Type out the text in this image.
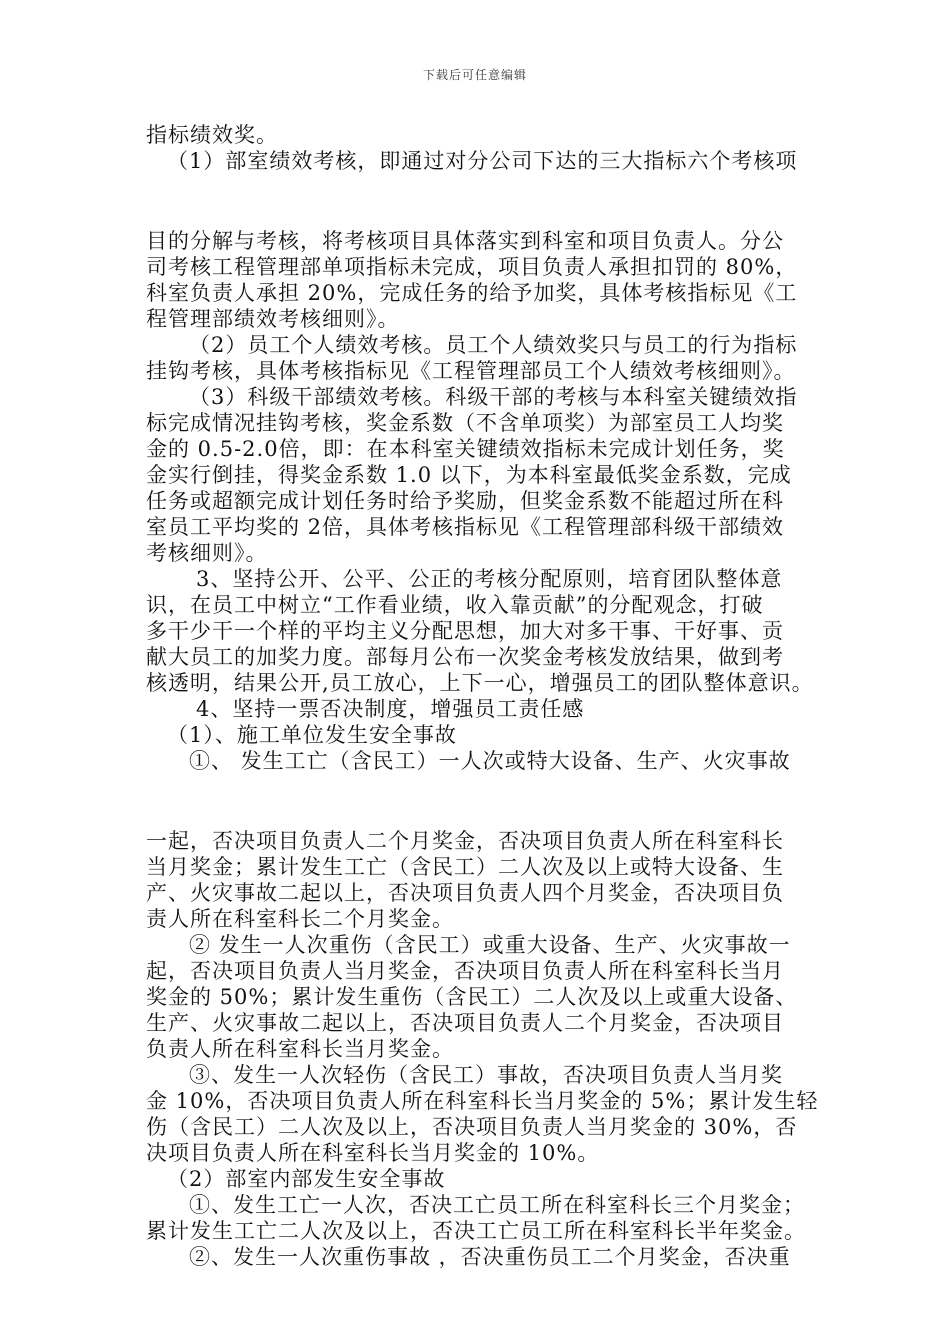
下载后可任意编辑
指标绩效奖。
（1）部室绩效考核，即通过对分公司下达的三大指标六个考核项
目的分解与考核，将考核项目具体落实到科室和项目负责人。分公
司考核工程管理部单项指标未完成，项目负责人承担扣罚的 80%，
科室负责人承担 20%，完成任务的给予加奖，具体考核指标见《工
程管理部绩效考核细则》。
（2）员工个人绩效考核。员工个人绩效奖只与员工的行为指标
挂钩考核，具体考核指标见《工程管理部员工个人绩效考核细则》。
（3）科级干部绩效考核。科级干部的考核与本科室关键绩效指
标完成情况挂钩考核，奖金系数（不含单项奖）为部室员工人均奖
金的 0.5-2.0倍，即：在本科室关键绩效指标未完成计划任务，奖
金实行倒挂，得奖金系数 1.0 以下，为本科室最低奖金系数，完成
任务或超额完成计划任务时给予奖励，但奖金系数不能超过所在科
室员工平均奖的 2倍，具体考核指标见《工程管理部科级干部绩效
考核细则》。
3、坚持公开、公平、公正的考核分配原则，培育团队整体意
识，在员工中树立“工作看业绩，收入靠贡献”的分配观念，打破
多干少干一个样的平均主义分配思想，加大对多干事、干好事、贡
献大员工的加奖力度。部每月公布一次奖金考核发放结果，做到考
核透明，结果公开,员工放心，上下一心，增强员工的团队整体意识。
4、坚持一票否决制度，增强员工责任感
（1）、施工单位发生安全事故
①、 发生工亡（含民工）一人次或特大设备、生产、火灾事故
一起，否决项目负责人二个月奖金，否决项目负责人所在科室科长
当月奖金；累计发生工亡（含民工）二人次及以上或特大设备、生
产、火灾事故二起以上，否决项目负责人四个月奖金，否决项目负
责人所在科室科长二个月奖金。
② 发生一人次重伤（含民工）或重大设备、生产、火灾事故一
起，否决项目负责人当月奖金，否决项目负责人所在科室科长当月
奖金的 50%；累计发生重伤（含民工）二人次及以上或重大设备、
生产、火灾事故二起以上，否决项目负责人二个月奖金，否决项目
负责人所在科室科长当月奖金。
③、发生一人次轻伤（含民工）事故，否决项目负责人当月奖
金 10%，否决项目负责人所在科室科长当月奖金的 5%；累计发生轻
伤（含民工）二人次及以上，否决项目负责人当月奖金的 30%，否
决项目负责人所在科室科长当月奖金的 10%。
（2）部室内部发生安全事故
①、发生工亡一人次，否决工亡员工所在科室科长三个月奖金；
累计发生工亡二人次及以上，否决工亡员工所在科室科长半年奖金。
②、发生一人次重伤事故 ，否决重伤员工二个月奖金，否决重
